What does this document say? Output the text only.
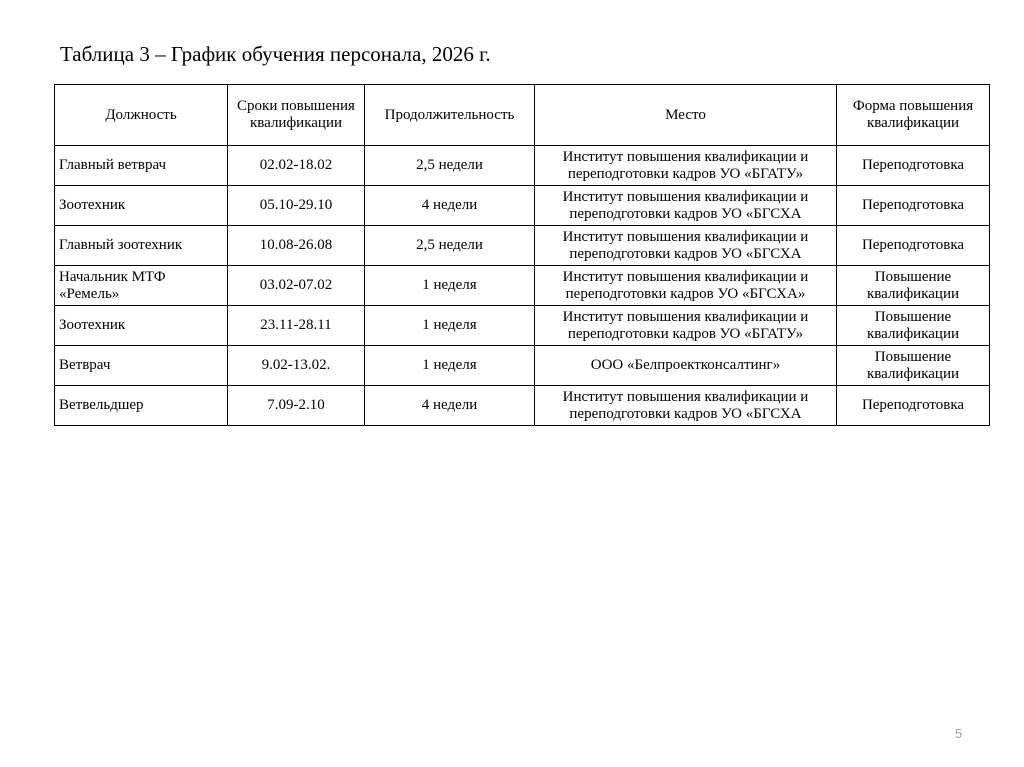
Таблица 3 – График обучения персонала, 2026 г.
Должность	Сроки повышения квалификации	Продолжительность	Место	Форма повышения квалификации
Главный ветврач	02.02-18.02	2,5 недели	Институт повышения квалификации и переподготовки кадров УО «БГАТУ»	Переподготовка
Зоотехник	05.10-29.10	4 недели	Институт повышения квалификации и переподготовки кадров УО «БГСХА	Переподготовка
Главный зоотехник	10.08-26.08	2,5 недели	Институт повышения квалификации и переподготовки кадров УО «БГСХА	Переподготовка
Начальник МТФ «Ремель»	03.02-07.02	1 неделя	Институт повышения квалификации и переподготовки кадров УО «БГСХА»	Повышение квалификации
Зоотехник	23.11-28.11	1 неделя	Институт повышения квалификации и переподготовки кадров УО «БГАТУ»	Повышение квалификации
Ветврач	9.02-13.02.	1 неделя	ООО «Белпроектконсалтинг»	Повышение квалификации
Ветвельдшер	7.09-2.10	4 недели	Институт повышения квалификации и переподготовки кадров УО «БГСХА	Переподготовка
5
